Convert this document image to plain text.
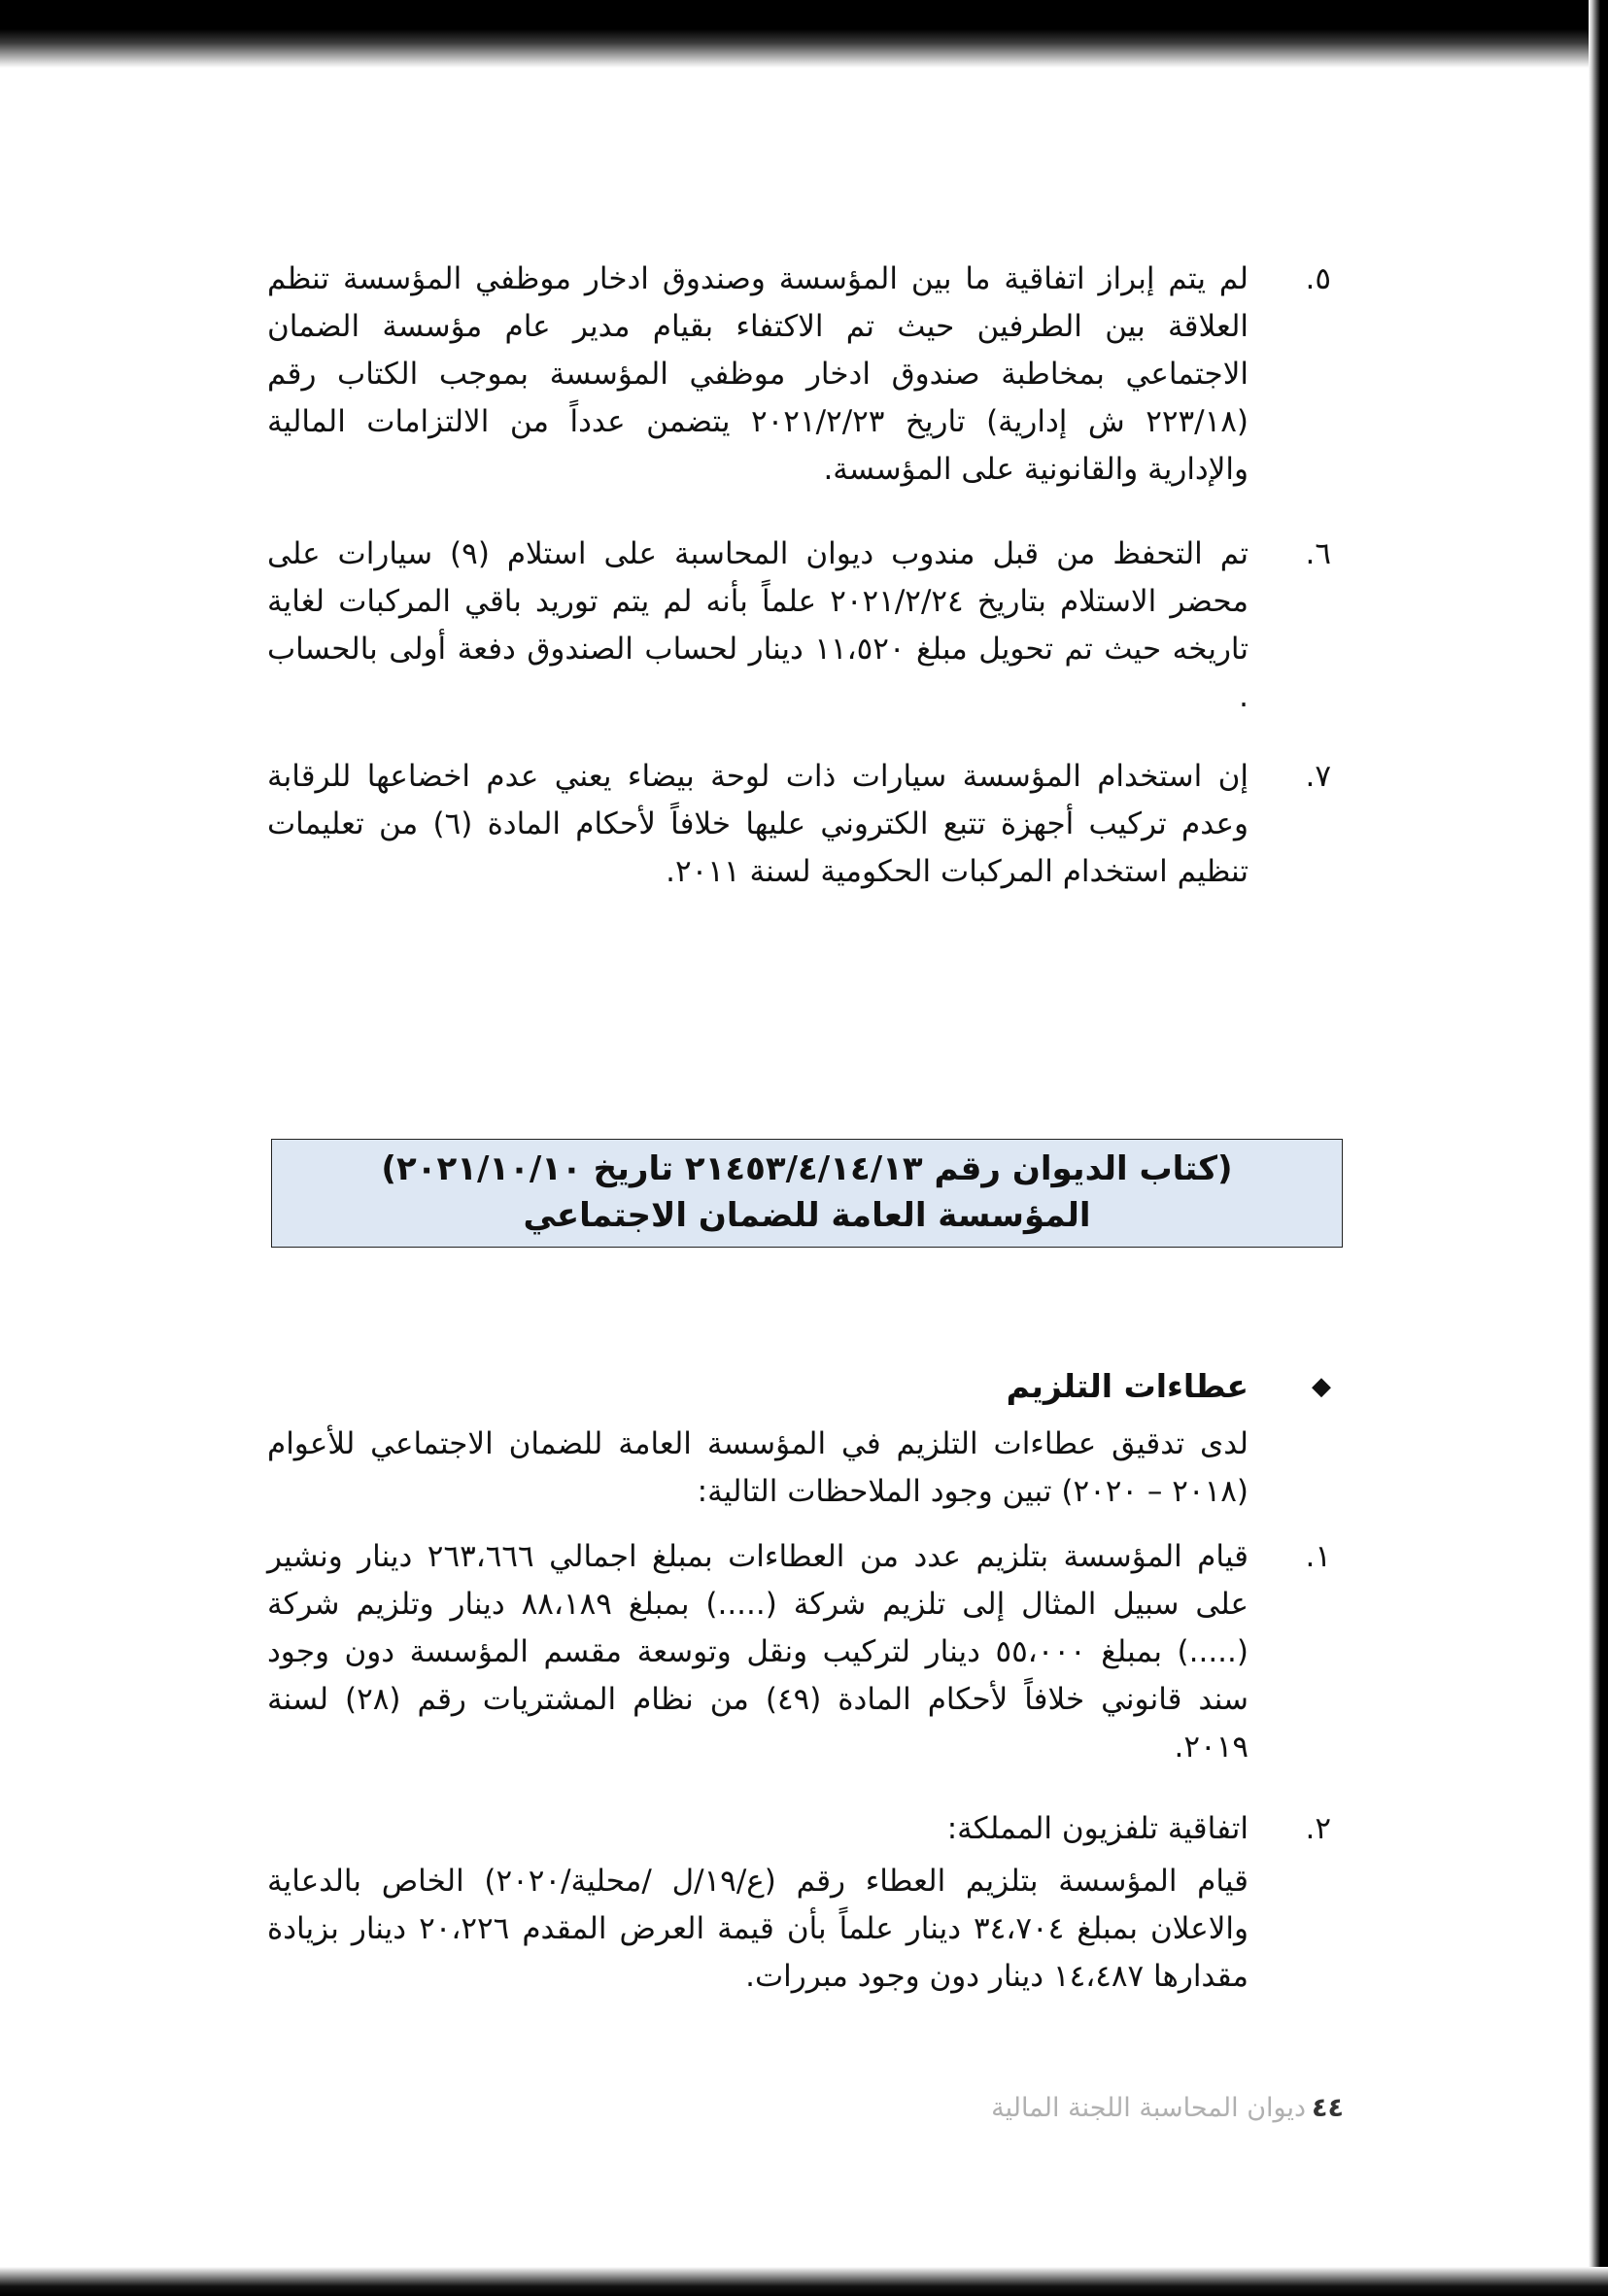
٥.
لم يتم إبراز اتفاقية ما بين المؤسسة وصندوق ادخار موظفي المؤسسة تنظم العلاقة بين الطرفين حيث تم الاكتفاء بقيام مدير عام مؤسسة الضمان الاجتماعي بمخاطبة صندوق ادخار موظفي المؤسسة بموجب الكتاب رقم (٢٢٣/١٨ ش إدارية) تاريخ ٢٠٢١/٢/٢٣ يتضمن عدداً من الالتزامات المالية والإدارية والقانونية على المؤسسة.
٦.
تم التحفظ من قبل مندوب ديوان المحاسبة على استلام (٩) سيارات على محضر الاستلام بتاريخ ٢٠٢١/٢/٢٤ علماً بأنه لم يتم توريد باقي المركبات لغاية تاريخه حيث تم تحويل مبلغ ١١،٥٢٠ دينار لحساب الصندوق دفعة أولى بالحساب .
٧.
إن استخدام المؤسسة سيارات ذات لوحة بيضاء يعني عدم اخضاعها للرقابة وعدم تركيب أجهزة تتبع الكتروني عليها خلافاً لأحكام المادة (٦) من تعليمات تنظيم استخدام المركبات الحكومية لسنة ٢٠١١.
(كتاب الديوان رقم ٢١٤٥٣/٤/١٤/١٣ تاريخ ٢٠٢١/١٠/١٠)
المؤسسة العامة للضمان الاجتماعي
◆
عطاءات التلزيم
لدى تدقيق عطاءات التلزيم في المؤسسة العامة للضمان الاجتماعي للأعوام (٢٠١٨ – ٢٠٢٠) تبين وجود الملاحظات التالية:
١.
قيام المؤسسة بتلزيم عدد من العطاءات بمبلغ اجمالي ٢٦٣،٦٦٦ دينار ونشير على سبيل المثال إلى تلزيم شركة (.....) بمبلغ ٨٨،١٨٩ دينار وتلزيم شركة (.....) بمبلغ ٥٥،٠٠٠ دينار لتركيب ونقل وتوسعة مقسم المؤسسة دون وجود سند قانوني خلافاً لأحكام المادة (٤٩) من نظام المشتريات رقم (٢٨) لسنة ٢٠١٩.
٢.
اتفاقية تلفزيون المملكة:
قيام المؤسسة بتلزيم العطاء رقم (ع/١٩/ل /محلية/٢٠٢٠) الخاص بالدعاية والاعلان بمبلغ ٣٤،٧٠٤ دينار علماً بأن قيمة العرض المقدم ٢٠،٢٢٦ دينار بزيادة مقدارها ١٤،٤٨٧ دينار دون وجود مبررات.
٤٤ديوان المحاسبة اللجنة المالية
